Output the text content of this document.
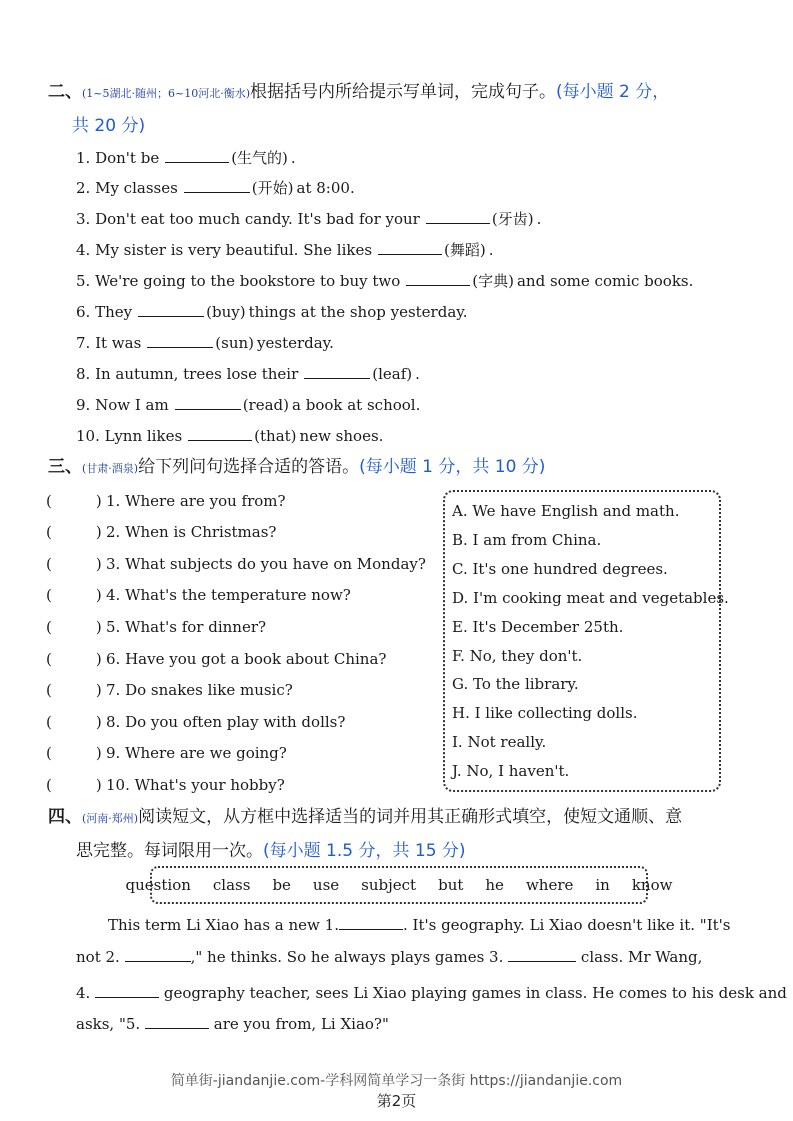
二、(1~5湖北·随州；6~10河北·衡水)根据括号内所给提示写单词，完成句子。(每小题 2 分，
共 20 分)
1. Don't be	(生气的) .
2. My classes	(开始) at 8:00.
3. Don't eat too much candy. It's bad for your	(牙齿) .
4. My sister is very beautiful. She likes	(舞蹈) .
5. We're going to the bookstore to buy two	(字典) and some comic books.
6. They	(buy) things at the shop yesterday.
7. It was	(sun) yesterday.
8. In autumn, trees lose their	(leaf) .
9. Now I am	(read) a book at school.
10. Lynn likes	(that) new shoes.
三、(甘肃·酒泉)给下列问句选择合适的答语。(每小题 1 分，共 10 分)
(	) 1. Where are you from?
(	) 2. When is Christmas?
(	) 3. What subjects do you have on Monday?
(	) 4. What's the temperature now?
(	) 5. What's for dinner?
(	) 6. Have you got a book about China?
(	) 7. Do snakes like music?
(	) 8. Do you often play with dolls?
(	) 9. Where are we going?
(	) 10. What's your hobby?
A. We have English and math.
B. I am from China.
C. It's one hundred degrees.
D. I'm cooking meat and vegetables.
E. It's December 25th.
F. No, they don't.
G. To the library.
H. I like collecting dolls.
I. Not really.
J. No, I haven't.
四、(河南·郑州)阅读短文，从方框中选择适当的词并用其正确形式填空，使短文通顺、意
思完整。每词限用一次。(每小题 1.5 分，共 15 分)
question	class	be	use	subject	but	he	where	in	know
This term Li Xiao has a new 1.	. It's geography. Li Xiao doesn't like it. "It's
not 2.	," he thinks. So he always plays games 3.	class. Mr Wang,
4.	geography teacher, sees Li Xiao playing games in class. He comes to his desk and
asks, "5.	are you from, Li Xiao?"
简单街-jiandanjie.com-学科网简单学习一条街 https://jiandanjie.com
第2页
